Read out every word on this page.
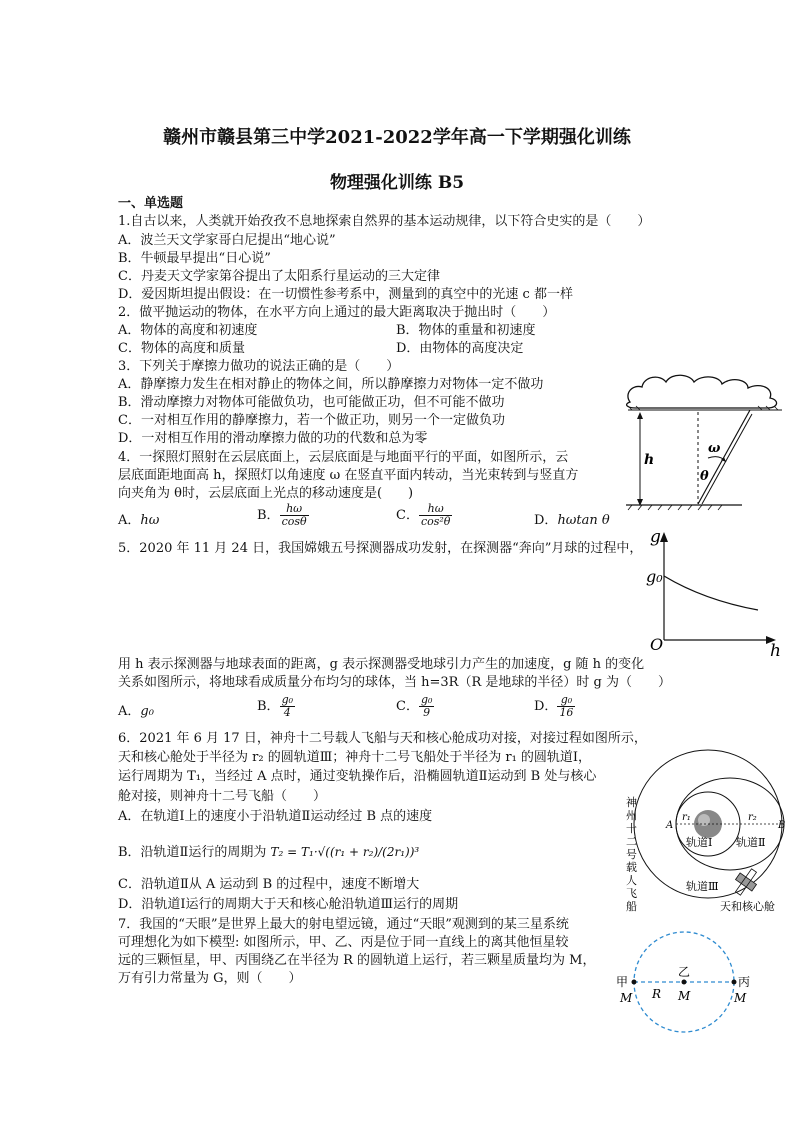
赣州市赣县第三中学2021-2022学年高一下学期强化训练
物理强化训练 B5
一、单选题
1.自古以来，人类就开始孜孜不息地探索自然界的基本运动规律，以下符合史实的是（　　）
A．波兰天文学家哥白尼提出“地心说”
B．牛顿最早提出“日心说”
C．丹麦天文学家第谷提出了太阳系行星运动的三大定律
D．爱因斯坦提出假设：在一切惯性参考系中，测量到的真空中的光速 c 都一样
2．做平抛运动的物体，在水平方向上通过的最大距离取决于抛出时（　　）
A．物体的高度和初速度	B．物体的重量和初速度
C．物体的高度和质量	D．由物体的高度决定
3．下列关于摩擦力做功的说法正确的是（　　）
A．静摩擦力发生在相对静止的物体之间，所以静摩擦力对物体一定不做功
B．滑动摩擦力对物体可能做负功，也可能做正功，但不可能不做功
C．一对相互作用的静摩擦力，若一个做正功，则另一个一定做负功
D．一对相互作用的滑动摩擦力做的功的代数和总为零
4．一探照灯照射在云层底面上，云层底面是与地面平行的平面，如图所示，云
层底面距地面高 h，探照灯以角速度 ω 在竖直平面内转动，当光束转到与竖直方
向夹角为 θ时，云层底面上光点的移动速度是(　　)
A．hω	B． $\frac{h\omega}{\cos\theta}$	C． $\frac{h\omega}{\text{cos²θ}}$	D．hωtan θ
h
ω
θ
5．2020 年 11 月 24 日，我国嫦娥五号探测器成功发射，在探测器“奔向”月球的过程中，
用 h 表示探测器与地球表面的距离，g 表示探测器受地球引力产生的加速度，g 随 h 的变化
关系如图所示，将地球看成质量分布均匀的球体，当 h=3R（R 是地球的半径）时 g 为（　　）
A．g₀	B． $\frac{\text{g₀}}{4}$	C． $\frac{\text{g₀}}{9}$	D． $\frac{\text{g₀}}{16}$
g
g₀
O	h
6．2021 年 6 月 17 日，神舟十二号载人飞船与天和核心舱成功对接，对接过程如图所示，
天和核心舱处于半径为 r₂ 的圆轨道Ⅲ；神舟十二号飞船处于半径为 r₁ 的圆轨道Ⅰ，
运行周期为 T₁，当经过 A 点时，通过变轨操作后，沿椭圆轨道Ⅱ运动到 B 处与核心
舱对接，则神舟十二号飞船（　　）
A．在轨道Ⅰ上的速度小于沿轨道Ⅱ运动经过 B 点的速度
B．沿轨道Ⅱ运行的周期为 T₂ = T₁·√((r₁ + r₂)/(2r₁))³
C．沿轨道Ⅱ从 A 运动到 B 的过程中，速度不断增大
D．沿轨道Ⅰ运行的周期大于天和核心舱沿轨道Ⅲ运行的周期
神州十二号载人飞船
r₁	r₂
A	B
轨道Ⅰ 轨道Ⅱ
轨道Ⅲ
天和核心舱
7．我国的“天眼”是世界上最大的射电望远镜，通过“天眼”观测到的某三星系统
可理想化为如下模型: 如图所示，甲、乙、丙是位于同一直线上的离其他恒星较
远的三颗恒星，甲、丙围绕乙在半径为 R 的圆轨道上运行，若三颗星质量均为 M，
万有引力常量为 G，则（　　）	甲
M
乙
M
R
丙
M
